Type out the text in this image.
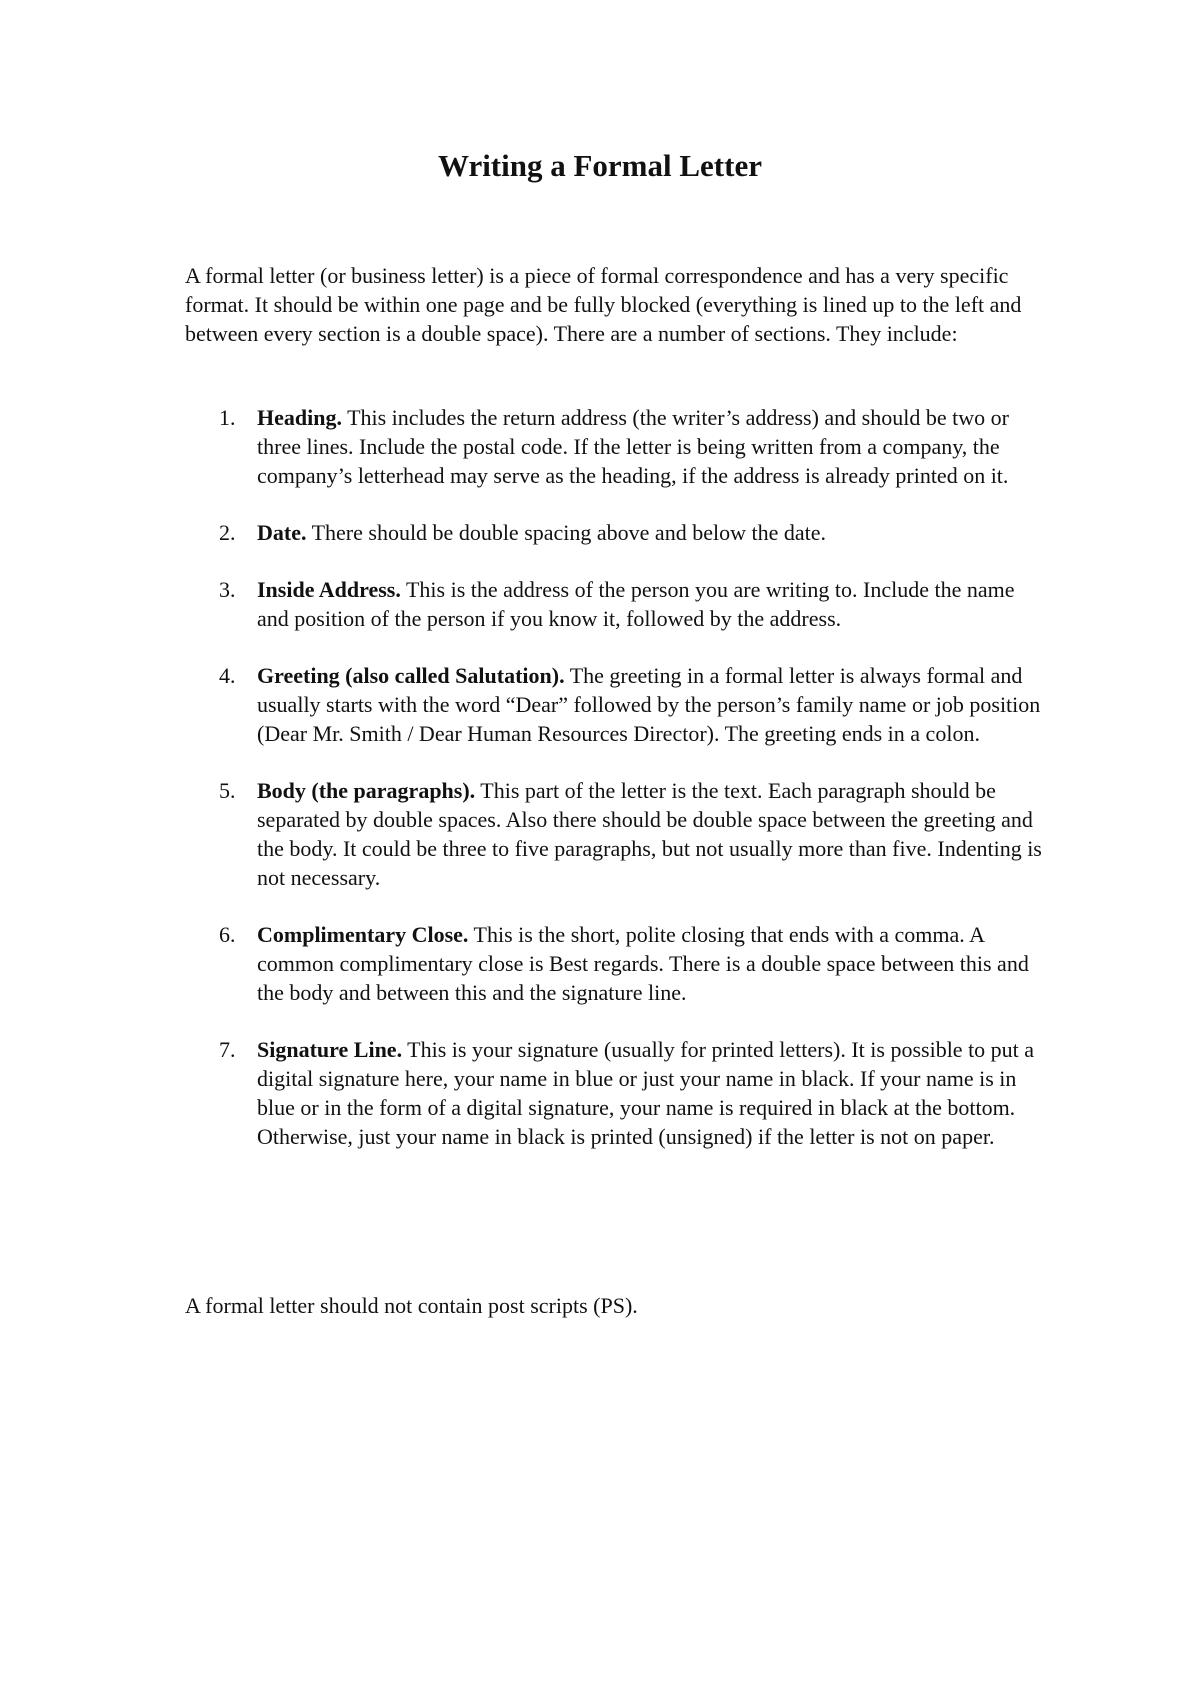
Writing a Formal Letter

A formal letter (or business letter) is a piece of formal correspondence and has a very specific format. It should be within one page and be fully blocked (everything is lined up to the left and between every section is a double space). There are a number of sections. They include:

1. Heading. This includes the return address (the writer’s address) and should be two or three lines. Include the postal code. If the letter is being written from a company, the company’s letterhead may serve as the heading, if the address is already printed on it.
2. Date. There should be double spacing above and below the date.
3. Inside Address. This is the address of the person you are writing to. Include the name and position of the person if you know it, followed by the address.
4. Greeting (also called Salutation). The greeting in a formal letter is always formal and usually starts with the word “Dear” followed by the person’s family name or job position (Dear Mr. Smith / Dear Human Resources Director). The greeting ends in a colon.
5. Body (the paragraphs). This part of the letter is the text. Each paragraph should be separated by double spaces. Also there should be double space between the greeting and the body. It could be three to five paragraphs, but not usually more than five. Indenting is not necessary.
6. Complimentary Close. This is the short, polite closing that ends with a comma. A common complimentary close is Best regards. There is a double space between this and the body and between this and the signature line.
7. Signature Line. This is your signature (usually for printed letters). It is possible to put a digital signature here, your name in blue or just your name in black. If your name is in blue or in the form of a digital signature, your name is required in black at the bottom. Otherwise, just your name in black is printed (unsigned) if the letter is not on paper.

A formal letter should not contain post scripts (PS).
